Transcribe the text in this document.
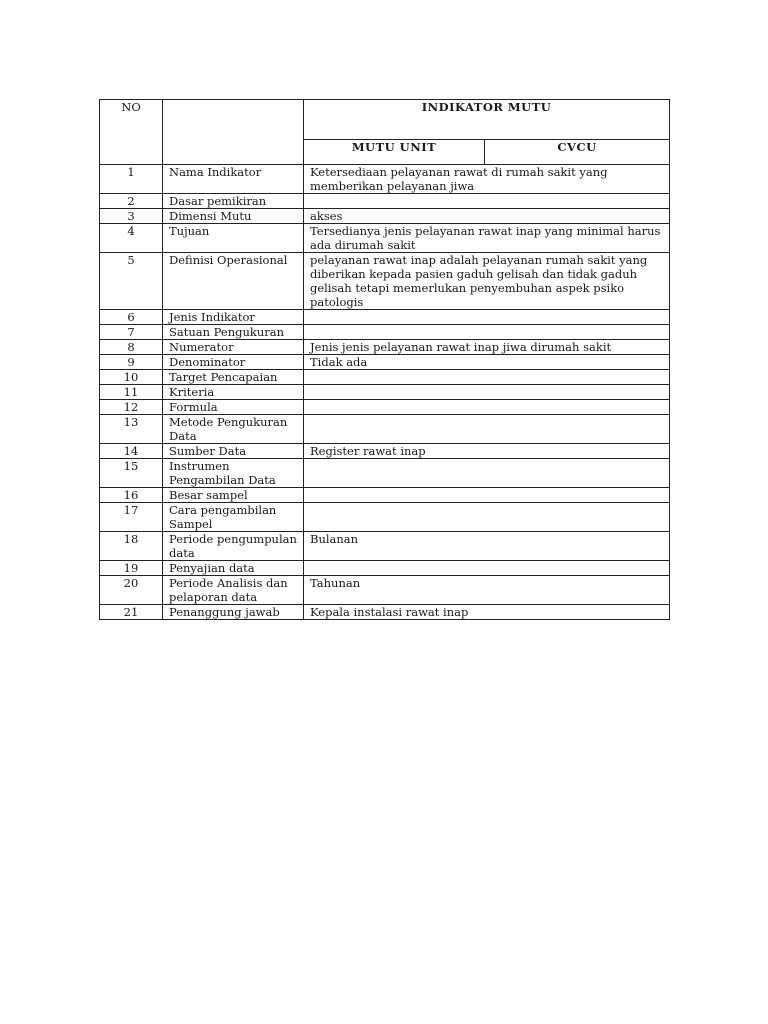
NO		INDIKATOR MUTU	
		MUTU UNIT	CVCU
1	Nama Indikator	Ketersediaan pelayanan rawat di rumah sakit yang memberikan pelayanan jiwa	
2	Dasar pemikiran		
3	Dimensi Mutu	akses	
4	Tujuan	Tersedianya jenis pelayanan rawat inap yang minimal harus ada dirumah sakit	
5	Definisi Operasional	pelayanan rawat inap adalah pelayanan rumah sakit yang diberikan kepada pasien gaduh gelisah dan tidak gaduh gelisah tetapi memerlukan penyembuhan aspek psiko patologis	
6	Jenis Indikator		
7	Satuan Pengukuran		
8	Numerator	Jenis jenis pelayanan rawat inap jiwa dirumah sakit	
9	Denominator	Tidak ada	
10	Target Pencapaian		
11	Kriteria		
12	Formula		
13	Metode Pengukuran Data		
14	Sumber Data	Register rawat inap	
15	Instrumen Pengambilan Data		
16	Besar sampel		
17	Cara pengambilan Sampel		
18	Periode pengumpulan data	Bulanan	
19	Penyajian data		
20	Periode Analisis dan pelaporan data	Tahunan	
21	Penanggung jawab	Kepala instalasi rawat inap	
